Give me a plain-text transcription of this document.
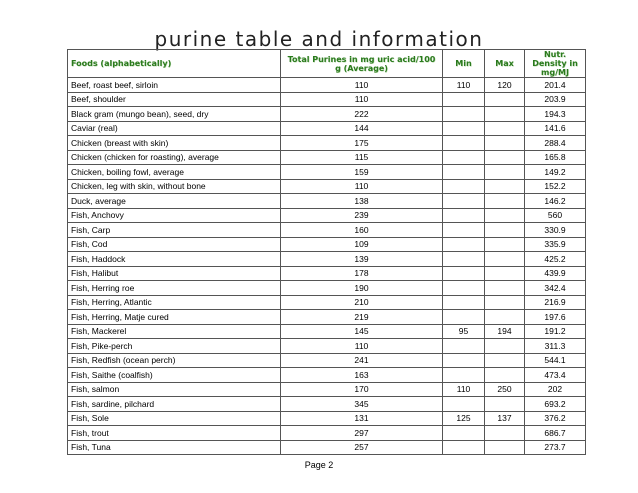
purine table and information
Foods (alphabetically)	Total Purines in mg uric acid/100 g (Average)	Min	Max	Nutr. Density in mg/MJ
Beef, roast beef, sirloin	110	110	120	201.4
Beef, shoulder	110			203.9
Black gram (mungo bean), seed, dry	222			194.3
Caviar (real)	144			141.6
Chicken (breast with skin)	175			288.4
Chicken (chicken for roasting), average	115			165.8
Chicken, boiling fowl, average	159			149.2
Chicken, leg with skin, without bone	110			152.2
Duck, average	138			146.2
Fish, Anchovy	239			560
Fish, Carp	160			330.9
Fish, Cod	109			335.9
Fish, Haddock	139			425.2
Fish, Halibut	178			439.9
Fish, Herring roe	190			342.4
Fish, Herring, Atlantic	210			216.9
Fish, Herring, Matje cured	219			197.6
Fish, Mackerel	145	95	194	191.2
Fish, Pike-perch	110			311.3
Fish, Redfish (ocean perch)	241			544.1
Fish, Saithe (coalfish)	163			473.4
Fish, salmon	170	110	250	202
Fish, sardine, pilchard	345			693.2
Fish, Sole	131	125	137	376.2
Fish, trout	297			686.7
Fish, Tuna	257			273.7
Page 2
